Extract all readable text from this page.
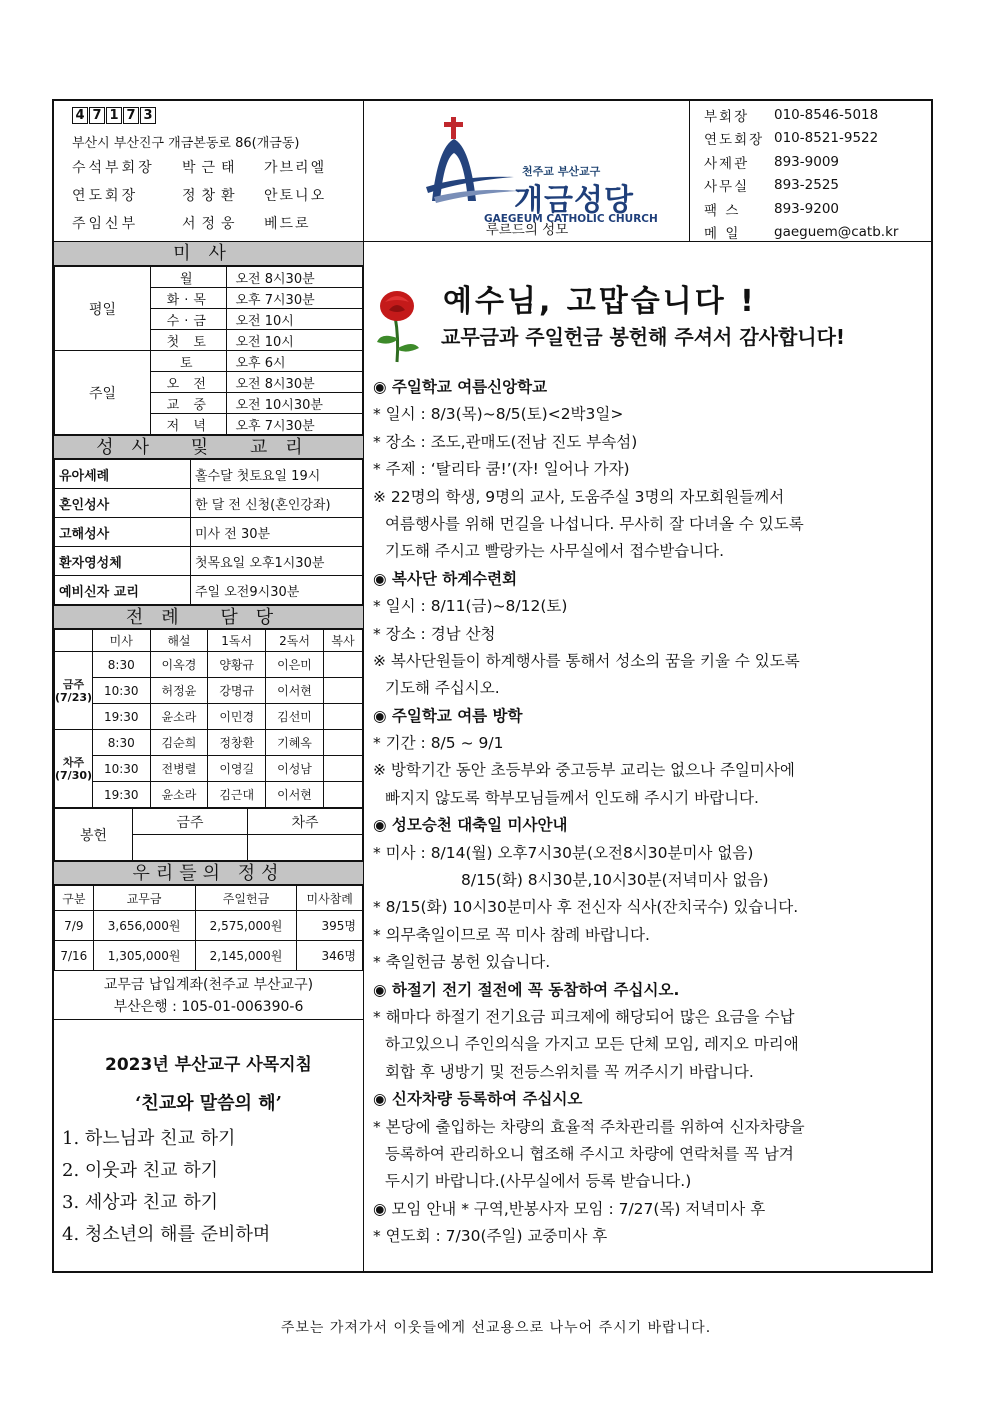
4 7 1 7 3
부산시 부산진구 개금본동로 86(개금동)
수석부회장	박근태	가브리엘
연도회장	정창환	안토니오
주임신부	서정웅	베드로
천주교 부산교구
개금성당
GAEGEUM CATHOLIC CHURCH
루르드의 성모
부회장	010-8546-5018
연도회장 010-8521-9522
사제관	893-9009
사무실	893-2525
팩 스	893-9200
메 일	gaeguem@catb.kr
미사
평일	월	오전 8시30분
	화·목	오후 7시30분
	수·금	오전 10시
	첫 토	오전 10시
주일	토	오후 6시
	오 전	오전 8시30분
	교 중	오전 10시30분
	저 녁	오후 7시30분
성사 및 교리
유아세례	홀수달 첫토요일 19시
혼인성사	한 달 전 신청(혼인강좌)
고해성사	미사 전 30분
환자영성체	첫목요일 오후1시30분
예비신자 교리	주일 오전9시30분
전례 담당
	미사	해설	1독서	2독서	복사
금주(7/23)	8:30	이옥경	양황규	이은미	
	10:30	허정윤	강명규	이서현	
	19:30	윤소라	이민경	김선미	
차주(7/30)	8:30	김순희	정창환	기혜옥	
	10:30	전병렬	이영길	이성남	
	19:30	윤소라	김근대	이서현	
봉헌	금주	차주

우리들의 정성
구분	교무금	주일헌금	미사참례
7/9	3,656,000원	2,575,000원	395명
7/16	1,305,000원	2,145,000원	346명
교무금 납입계좌(천주교 부산교구)
부산은행 : 105-01-006390-6
2023년 부산교구 사목지침
‘친교와 말씀의 해’
1. 하느님과 친교 하기
2. 이웃과 친교 하기
3. 세상과 친교 하기
4. 청소년의 해를 준비하며
예수님, 고맙습니다 !
교무금과 주일헌금 봉헌해 주셔서 감사합니다!
◉ 주일학교 여름신앙학교
* 일시 : 8/3(목)~8/5(토)<2박3일>
* 장소 : 조도,관매도(전남 진도 부속섬)
* 주제 : ‘탈리타 쿰!’(자! 일어나 가자)
※ 22명의 학생, 9명의 교사, 도움주실 3명의 자모회원들께서
여름행사를 위해 먼길을 나섭니다. 무사히 잘 다녀올 수 있도록
기도해 주시고 빨랑카는 사무실에서 접수받습니다.
◉ 복사단 하계수련회
* 일시 : 8/11(금)~8/12(토)
* 장소 : 경남 산청
※ 복사단원들이 하계행사를 통해서 성소의 꿈을 키울 수 있도록
기도해 주십시오.
◉ 주일학교 여름 방학
* 기간 : 8/5 ~ 9/1
※ 방학기간 동안 초등부와 중고등부 교리는 없으나 주일미사에
빠지지 않도록 학부모님들께서 인도해 주시기 바랍니다.
◉ 성모승천 대축일 미사안내
* 미사 : 8/14(월) 오후7시30분(오전8시30분미사 없음)
8/15(화) 8시30분,10시30분(저녁미사 없음)
* 8/15(화) 10시30분미사 후 전신자 식사(잔치국수) 있습니다.
* 의무축일이므로 꼭 미사 참례 바랍니다.
* 축일헌금 봉헌 있습니다.
◉ 하절기 전기 절전에 꼭 동참하여 주십시오.
* 해마다 하절기 전기요금 피크제에 해당되어 많은 요금을 수납
하고있으니 주인의식을 가지고 모든 단체 모임, 레지오 마리애
회합 후 냉방기 및 전등스위치를 꼭 꺼주시기 바랍니다.
◉ 신자차량 등록하여 주십시오
* 본당에 출입하는 차량의 효율적 주차관리를 위하여 신자차량을
등록하여 관리하오니 협조해 주시고 차량에 연락처를 꼭 남겨
두시기 바랍니다.(사무실에서 등록 받습니다.)
◉ 모임 안내 * 구역,반봉사자 모임 : 7/27(목) 저녁미사 후
* 연도회 : 7/30(주일) 교중미사 후
주보는 가져가서 이웃들에게 선교용으로 나누어 주시기 바랍니다.
